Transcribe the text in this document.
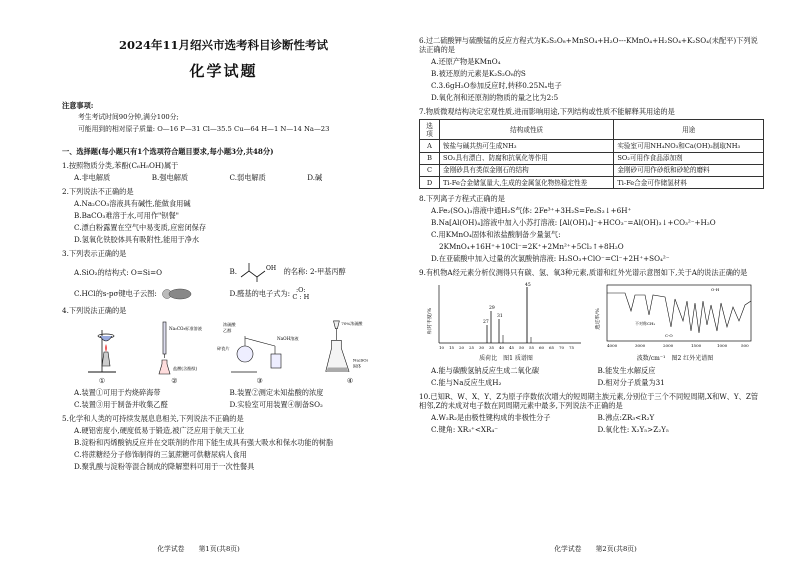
2024年11月绍兴市选考科目诊断性考试
化学试题
注意事项:
考生考试时间90分钟,满分100分;
可能用到的相对原子质量: O—16 P—31 Cl—35.5 Cu—64 H—1 N—14 Na—23
一、选择题(每小题只有1个选项符合题目要求,每小题3分,共48分)
1.按照物质分类,苯酚(C₆H₅OH)属于
A.非电解质	B.强电解质	C.弱电解质	D.碱
2.下列说法不正确的是
A.Na₂CO₃溶液具有碱性,能做食用碱
B.BaCO₃难溶于水,可用作"钡餐"
C.漂白粉露置在空气中易变质,应密闭保存
D.氢氧化铁胶体具有吸附性,能用于净水
3.下列表示正确的是
A.SiO₂的结构式: O=Si=O	B.	OH 的名称: 2-甲基丙醇
C.HCl的s-pσ键电子云图:	D.醛基的电子式为: :O:
C : H
4.下列说法正确的是
①
Na₂CO₃标准溶液
盐酸(含酚酞)
②
浓硫酸
乙醇
碎瓷片
NaOH溶液
③
70%浓硫酸
Na₂SO₃
固体
④
A.装置①可用于灼烧碎海带	B.装置②测定未知盐酸的浓度
C.装置③用于制备并收集乙醛	D.实验室可用装置④制备SO₂
5.化学和人类的可持续发展息息相关,下列说法不正确的是
A.硬铝密度小,硬度低易于锻造,被广泛应用于航天工业
B.淀粉和丙烯酸钠反应并在交联剂的作用下能生成具有强大吸水和保水功能的树脂
C.将蔗糖经分子修饰制得的三氯蔗糖可供糖尿病人食用
D.聚乳酸与淀粉等混合制成的降解塑料可用于一次性餐具
化学试卷 第1页(共8页)
6.过二硫酸钾与硫酸锰的反应方程式为K₂S₂O₈+MnSO₄+H₂O---KMnO₄+H₂SO₄+K₂SO₄(未配平)下列说法正确的是
A.还原产物是KMnO₄
B.被还原的元素是K₂S₂O₈的S
C.3.6gH₂O参加反应时,转移0.25Nₐ电子
D.氧化剂和还原剂的物质的量之比为2:5
7.物质微观结构决定宏观性质,进而影响用途,下列结构或性质不能解释其用途的是
选项	结构或性质	用途
A	铵盐与碱共热可生成NH₃	实验室可用NH₄NO₃和Ca(OH)₂制取NH₃
B	SO₂具有漂白、防腐和抗氧化等作用	SO₂可用作食品添加剂
C	金刚砂具有类似金刚石的结构	金刚砂可用作砂纸和砂轮的磨料
D	Ti-Fe合金储氢量大,生成的金属氢化物热稳定性差	Ti-Fe合金可作储氢材料
8.下列离子方程式正确的是
A.Fe₂(SO₄)₃溶液中通H₂S气体: 2Fe³⁺+3H₂S=Fe₂S₃↓+6H⁺
B.Na[Al(OH)₄]溶液中加入小苏打溶液: [Al(OH)₄]⁻+HCO₃⁻=Al(OH)₃↓+CO₃²⁻+H₂O
C.用KMnO₄固体和浓盐酸制备少量氯气:
2KMnO₄+16H⁺+10Cl⁻=2K⁺+2Mn²⁺+5Cl₂↑+8H₂O
D.在亚硫酸中加入过量的次氯酸钠溶液: H₂SO₃+ClO⁻=Cl⁻+2H⁺+SO₄²⁻
9.有机物A经元素分析仪测得只有碳、氢、氧3种元素,质谱和红外光谱示意图如下,关于A的说法正确的是
相对丰度/%	27
29
31
45
10 15 20 25 30 35 40 45 50 55 60 65 70 75
质荷比　 图1 质谱图
透过率/%	不对称CH₃
C-O
O-H
4000	3000	2000	1500	1000	500
波数/cm⁻¹　 图2 红外光谱图
A.能与碳酸氢钠反应生成二氧化碳	B.能发生水解反应
C.能与Na反应生成H₂	D.相对分子质量为31
10.已知R、W、X、Y、Z为原子序数依次增大的短周期主族元素,分别位于三个不同短周期,X和W、Y、Z管相邻,Z的未成对电子数在同周期元素中最多,下列说法不正确的是
A.W₂R₂是由极性键构成的非极性分子	B.沸点:ZR₃<R₂Y
C.键角: XR₃⁺<XR₄⁻	D.氧化性: X₂Y₅>Z₂Y₅
化学试卷 第2页(共8页)
